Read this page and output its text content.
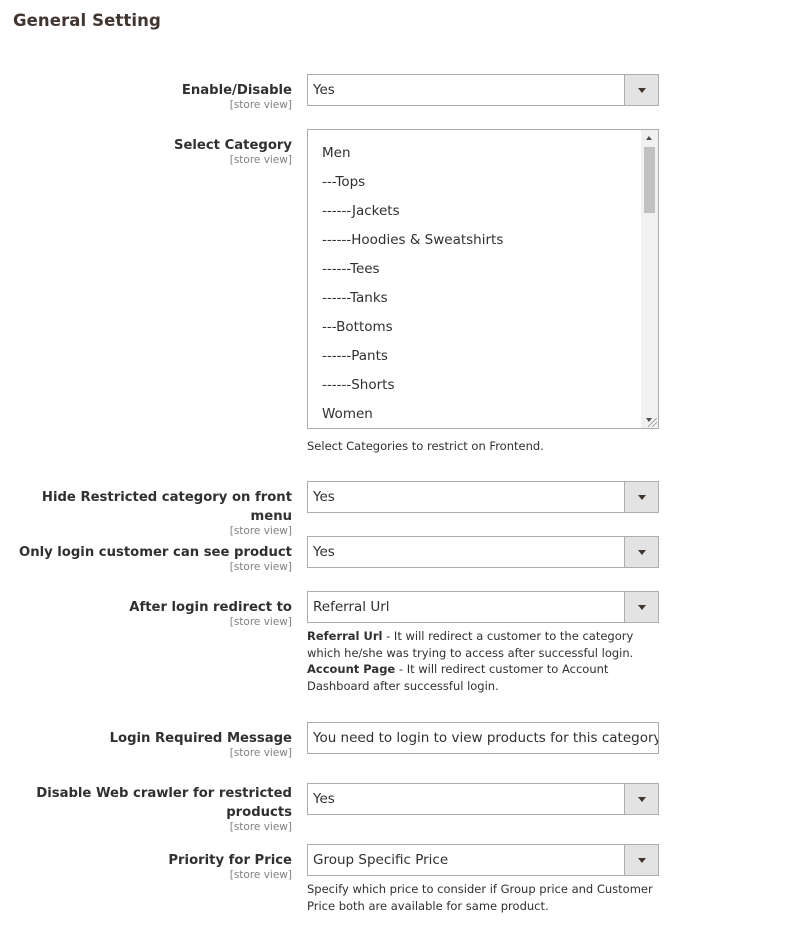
General Setting
Enable/Disable
[store view]
Yes
Select Category
[store view] Men
---Tops
------Jackets
------Hoodies & Sweatshirts
------Tees
------Tanks
---Bottoms
------Pants
------Shorts
Women
Select Categories to restrict on Frontend.
Hide Restricted category on front menu
[store view]
Yes
Only login customer can see product
[store view]
Yes
After login redirect to
[store view]
Referral Url
Referral Url - It will redirect a customer to the category which he/she was trying to access after successful login.
Account Page - It will redirect customer to Account Dashboard after successful login.
Login Required Message
[store view]
You need to login to view products for this category.
Disable Web crawler for restricted
products
[store view]
Yes
Priority for Price
[store view]
Group Specific Price
Specify which price to consider if Group price and Customer Price both are available for same product.
